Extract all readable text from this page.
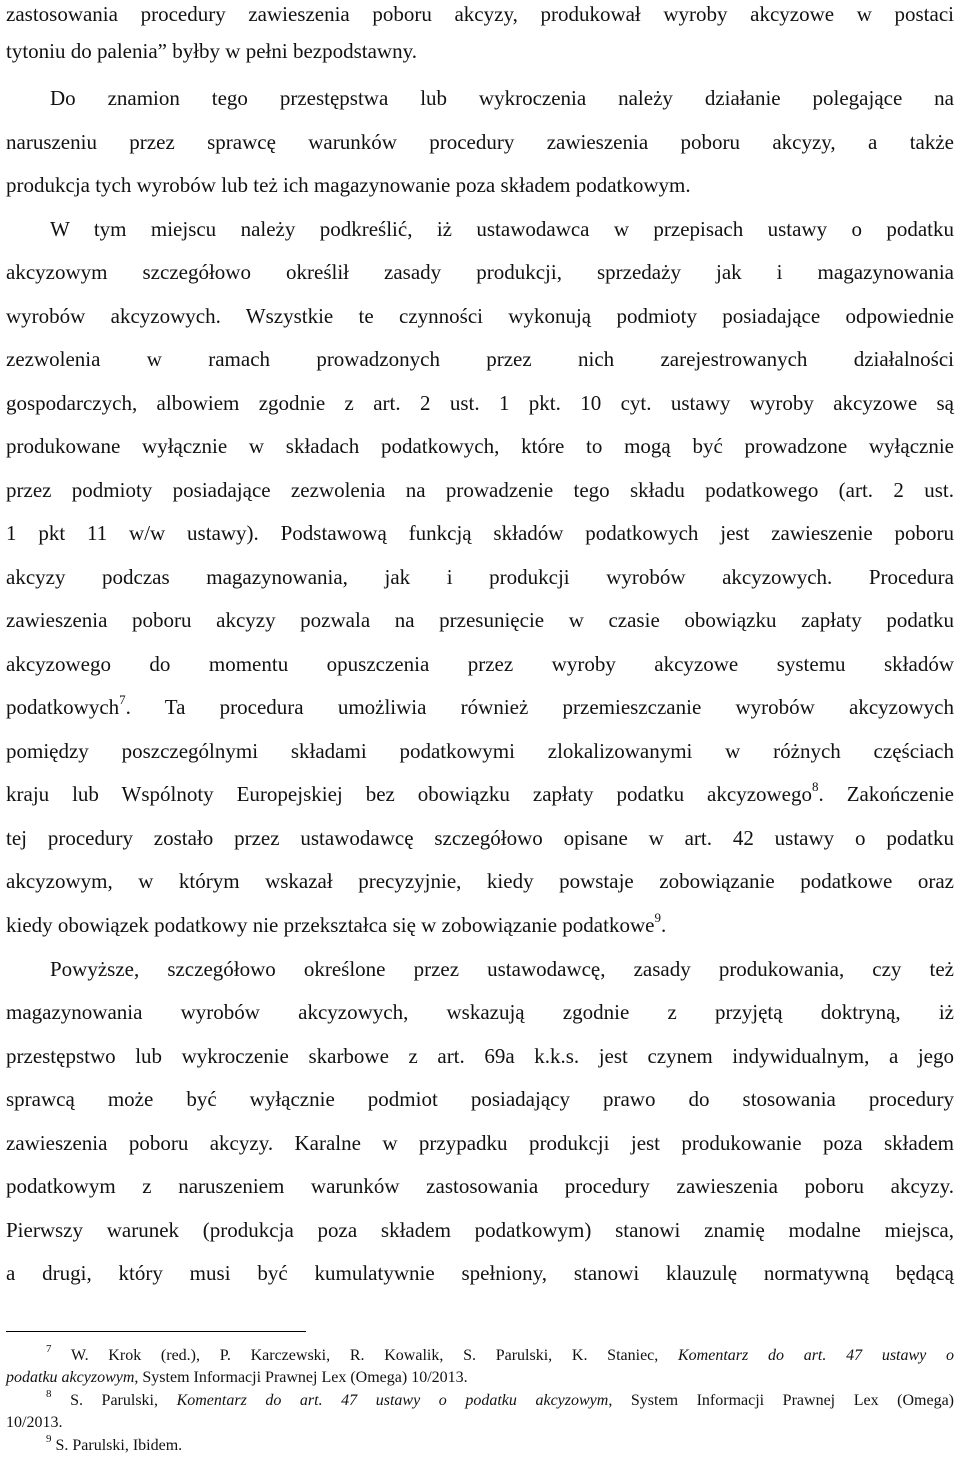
zastosowania procedury zawieszenia poboru akcyzy, produkował wyroby akcyzowe w postaci
tytoniu do palenia” byłby w pełni bezpodstawny.
Do znamion tego przestępstwa lub wykroczenia należy działanie polegające na
naruszeniu przez sprawcę warunków procedury zawieszenia poboru akcyzy, a także
produkcja tych wyrobów lub też ich magazynowanie poza składem podatkowym.
W tym miejscu należy podkreślić, iż ustawodawca w przepisach ustawy o podatku
akcyzowym szczegółowo określił zasady produkcji, sprzedaży jak i magazynowania
wyrobów akcyzowych. Wszystkie te czynności wykonują podmioty posiadające odpowiednie
zezwolenia w ramach prowadzonych przez nich zarejestrowanych działalności
gospodarczych, albowiem zgodnie z art. 2 ust. 1 pkt. 10 cyt. ustawy wyroby akcyzowe są
produkowane wyłącznie w składach podatkowych, które to mogą być prowadzone wyłącznie
przez podmioty posiadające zezwolenia na prowadzenie tego składu podatkowego (art. 2 ust.
1 pkt 11 w/w ustawy). Podstawową funkcją składów podatkowych jest zawieszenie poboru
akcyzy podczas magazynowania, jak i produkcji wyrobów akcyzowych. Procedura
zawieszenia poboru akcyzy pozwala na przesunięcie w czasie obowiązku zapłaty podatku
akcyzowego do momentu opuszczenia przez wyroby akcyzowe systemu składów
podatkowych$^7$. Ta procedura umożliwia również przemieszczanie wyrobów akcyzowych
pomiędzy poszczególnymi składami podatkowymi zlokalizowanymi w różnych częściach
kraju lub Wspólnoty Europejskiej bez obowiązku zapłaty podatku akcyzowego$^8$. Zakończenie
tej procedury zostało przez ustawodawcę szczegółowo opisane w art. 42 ustawy o podatku
akcyzowym, w którym wskazał precyzyjnie, kiedy powstaje zobowiązanie podatkowe oraz
kiedy obowiązek podatkowy nie przekształca się w zobowiązanie podatkowe$^9$.
Powyższe, szczegółowo określone przez ustawodawcę, zasady produkowania, czy też
magazynowania wyrobów akcyzowych, wskazują zgodnie z przyjętą doktryną, iż
przestępstwo lub wykroczenie skarbowe z art. 69a k.k.s. jest czynem indywidualnym, a jego
sprawcą może być wyłącznie podmiot posiadający prawo do stosowania procedury
zawieszenia poboru akcyzy. Karalne w przypadku produkcji jest produkowanie poza składem
podatkowym z naruszeniem warunków zastosowania procedury zawieszenia poboru akcyzy.
Pierwszy warunek (produkcja poza składem podatkowym) stanowi znamię modalne miejsca,
a drugi, który musi być kumulatywnie spełniony, stanowi klauzulę normatywną będącą
$^7$ W. Krok (red.), P. Karczewski, R. Kowalik, S. Parulski, K. Staniec, Komentarz do art. 47 ustawy o
podatku akcyzowym, System Informacji Prawnej Lex (Omega) 10/2013.
$^8$ S. Parulski, Komentarz do art. 47 ustawy o podatku akcyzowym, System Informacji Prawnej Lex (Omega)
10/2013.
$^9$ S. Parulski, Ibidem.
